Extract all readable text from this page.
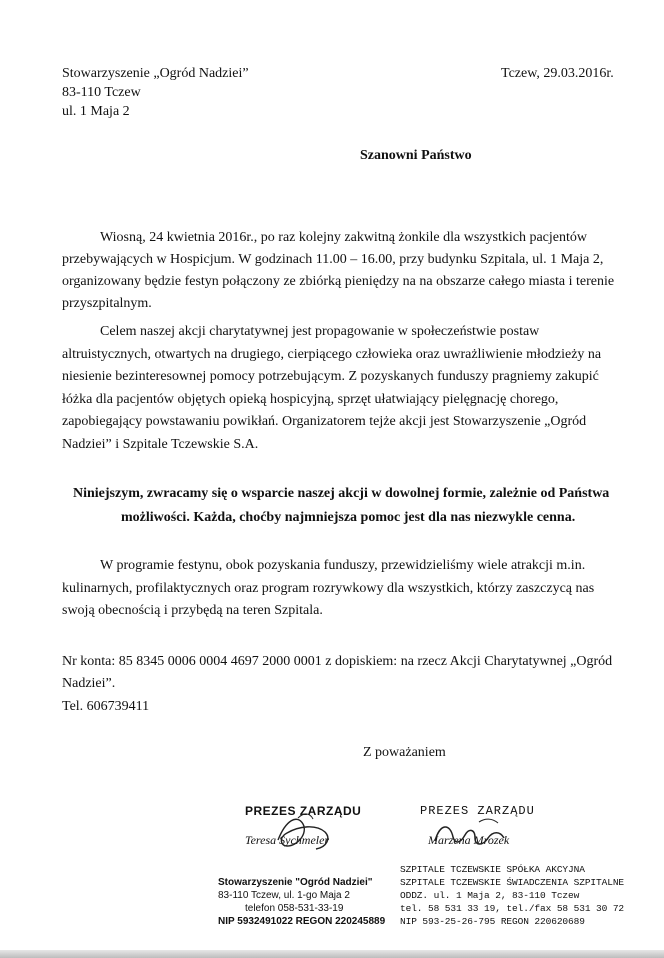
Stowarzyszenie „Ogród Nadziei”
83-110 Tczew
ul. 1 Maja 2
Tczew, 29.03.2016r.
Szanowni Państwo
Wiosną, 24 kwietnia 2016r., po raz kolejny zakwitną żonkile dla wszystkich pacjentów
przebywających w Hospicjum. W godzinach 11.00 – 16.00, przy budynku Szpitala, ul. 1 Maja 2,
organizowany będzie festyn połączony ze zbiórką pieniędzy na na obszarze całego miasta i terenie
przyszpitalnym.
Celem naszej akcji charytatywnej jest propagowanie w społeczeństwie postaw
altruistycznych, otwartych na drugiego, cierpiącego człowieka oraz uwrażliwienie młodzieży na
niesienie bezinteresownej pomocy potrzebującym. Z pozyskanych funduszy pragniemy zakupić
łóżka dla pacjentów objętych opieką hospicyjną, sprzęt ułatwiający pielęgnację chorego,
zapobiegający powstawaniu powikłań. Organizatorem tejże akcji jest Stowarzyszenie „Ogród
Nadziei” i Szpitale Tczewskie S.A.
Niniejszym, zwracamy się o wsparcie naszej akcji w dowolnej formie, zależnie od Państwa
możliwości. Każda, choćby najmniejsza pomoc jest dla nas niezwykle cenna.
W programie festynu, obok pozyskania funduszy, przewidzieliśmy wiele atrakcji m.in.
kulinarnych, profilaktycznych oraz program rozrywkowy dla wszystkich, którzy zaszczycą nas
swoją obecnością i przybędą na teren Szpitala.
Nr konta: 85 8345 0006 0004 4697 2000 0001 z dopiskiem: na rzecz Akcji Charytatywnej „Ogród
Nadziei”.
Tel. 606739411
Z poważaniem
PREZES ZARZĄDU
Teresa Sychmeler
Stowarzyszenie "Ogród Nadziei"
83-110 Tczew, ul. 1-go Maja 2
telefon 058-531-33-19
NIP 5932491022 REGON 220245889
PREZES ZARZĄDU
Marzena Mrozek
SZPITALE TCZEWSKIE SPÓŁKA AKCYJNA
SZPITALE TCZEWSKIE ŚWIADCZENIA SZPITALNE
ODDZ. ul. 1 Maja 2, 83-110 Tczew
tel. 58 531 33 19, tel./fax 58 531 30 72
NIP 593-25-26-795 REGON 220620689
